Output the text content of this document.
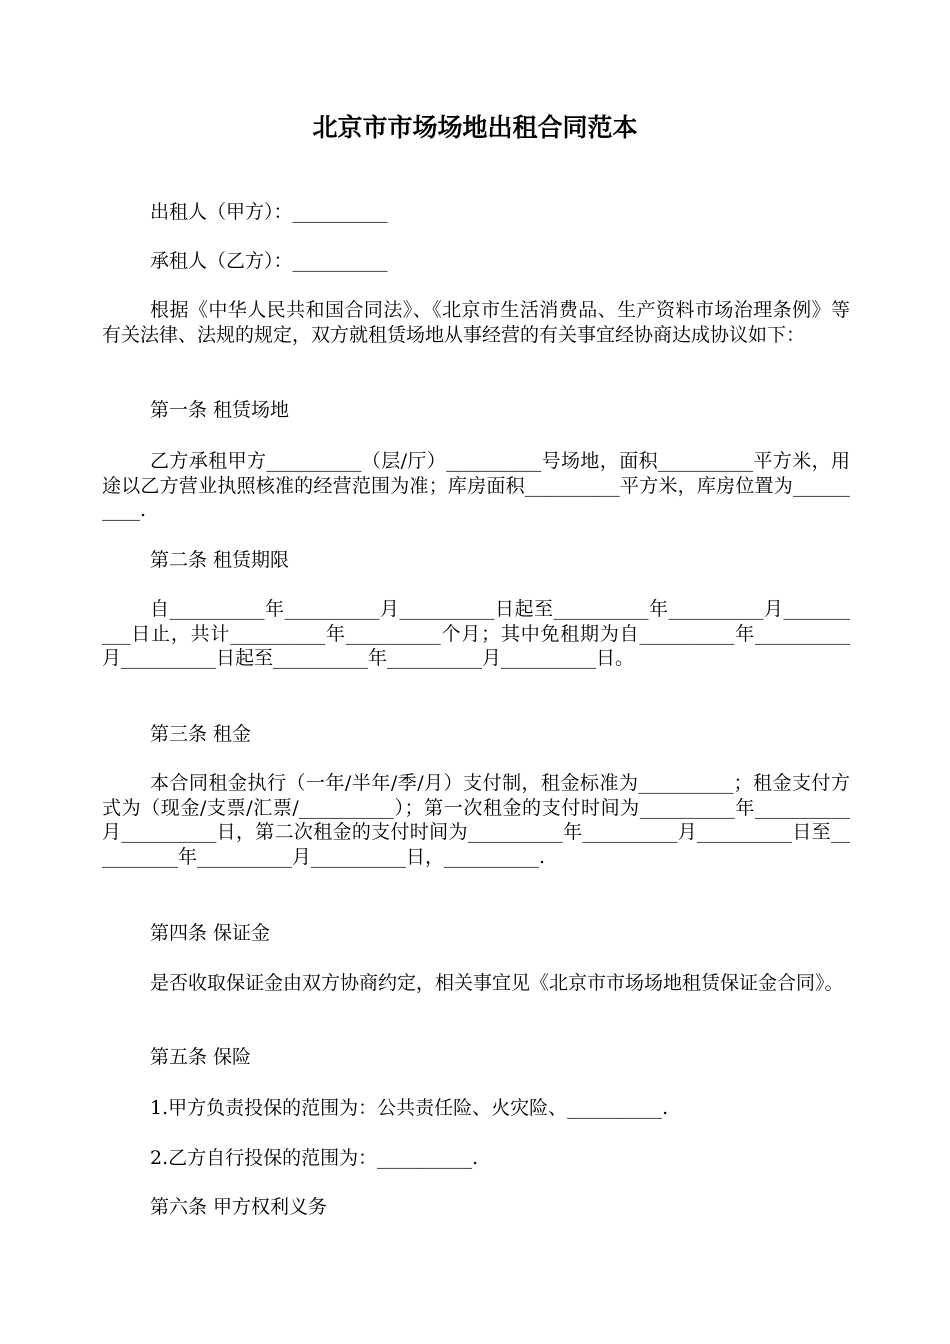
北京市市场场地出租合同范本

出租人（甲方）：__________

承租人（乙方）：__________

根据《中华人民共和国合同法》、《北京市生活消费品、生产资料市场治理条例》等有关法律、法规的规定，双方就租赁场地从事经营的有关事宜经协商达成协议如下：

第一条 租赁场地

乙方承租甲方__________（层/厅）__________号场地，面积__________平方米，用途以乙方营业执照核准的经营范围为准；库房面积__________平方米，库房位置为__________.

第二条 租赁期限

自__________年__________月__________日起至__________年__________月__________日止，共计__________年__________个月；其中免租期为自__________年__________月__________日起至__________年__________月__________日。

第三条 租金

本合同租金执行（一年/半年/季/月）支付制，租金标准为__________；租金支付方式为（现金/支票/汇票/__________）；第一次租金的支付时间为__________年__________月__________日，第二次租金的支付时间为__________年__________月__________日至__________年__________月__________日，__________.

第四条 保证金

是否收取保证金由双方协商约定，相关事宜见《北京市市场场地租赁保证金合同》。

第五条 保险

1.甲方负责投保的范围为：公共责任险、火灾险、__________.

2.乙方自行投保的范围为：__________.

第六条 甲方权利义务
